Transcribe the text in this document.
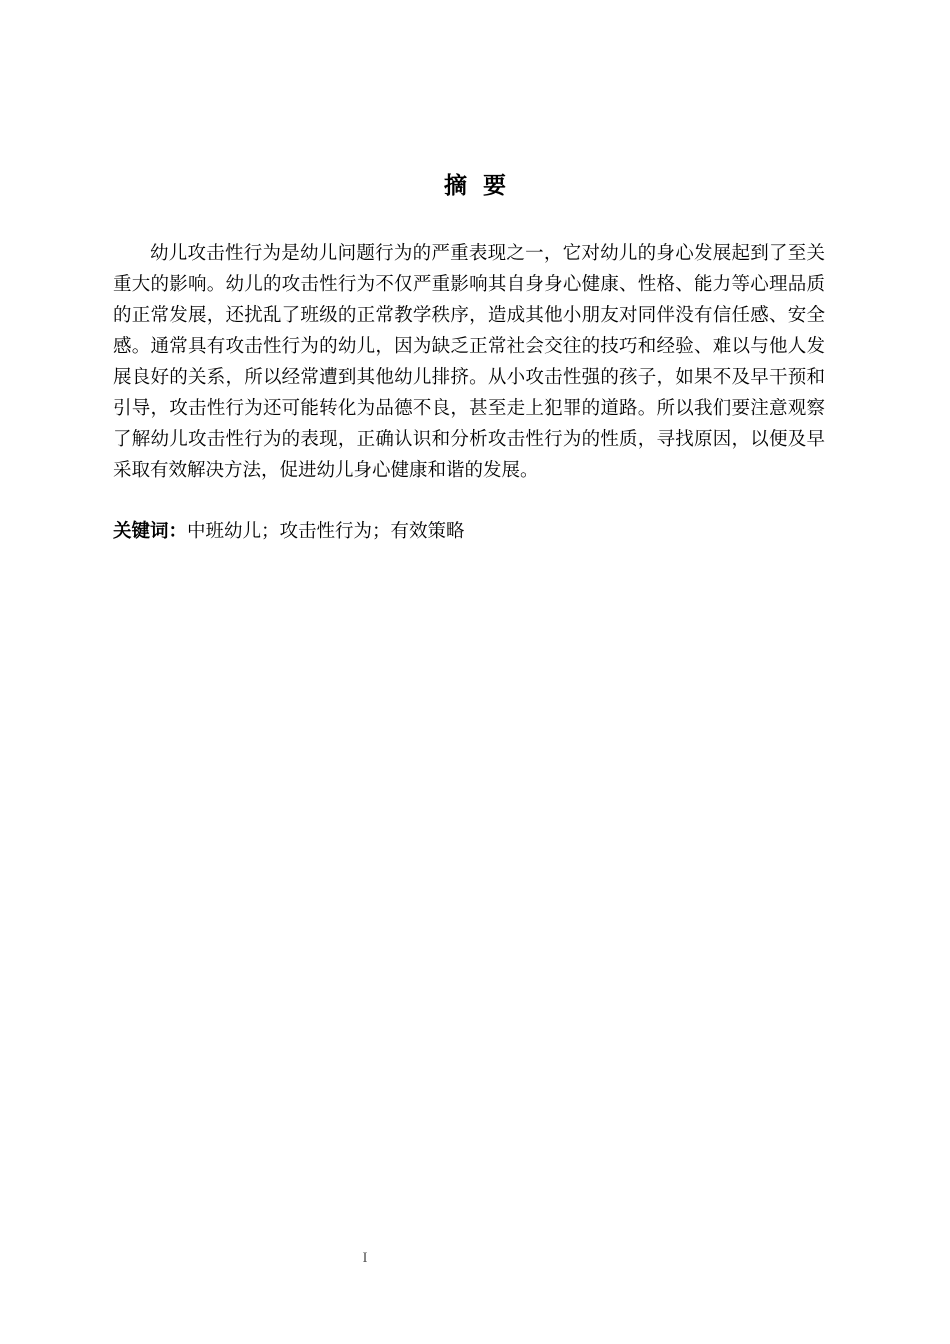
摘要

幼儿攻击性行为是幼儿问题行为的严重表现之一，它对幼儿的身心发展起到了至关重大的影响。幼儿的攻击性行为不仅严重影响其自身身心健康、性格、能力等心理品质的正常发展，还扰乱了班级的正常教学秩序，造成其他小朋友对同伴没有信任感、安全感。通常具有攻击性行为的幼儿，因为缺乏正常社会交往的技巧和经验、难以与他人发展良好的关系，所以经常遭到其他幼儿排挤。从小攻击性强的孩子，如果不及早干预和引导，攻击性行为还可能转化为品德不良，甚至走上犯罪的道路。所以我们要注意观察了解幼儿攻击性行为的表现，正确认识和分析攻击性行为的性质，寻找原因，以便及早采取有效解决方法，促进幼儿身心健康和谐的发展。

关键词：中班幼儿；攻击性行为；有效策略
I
